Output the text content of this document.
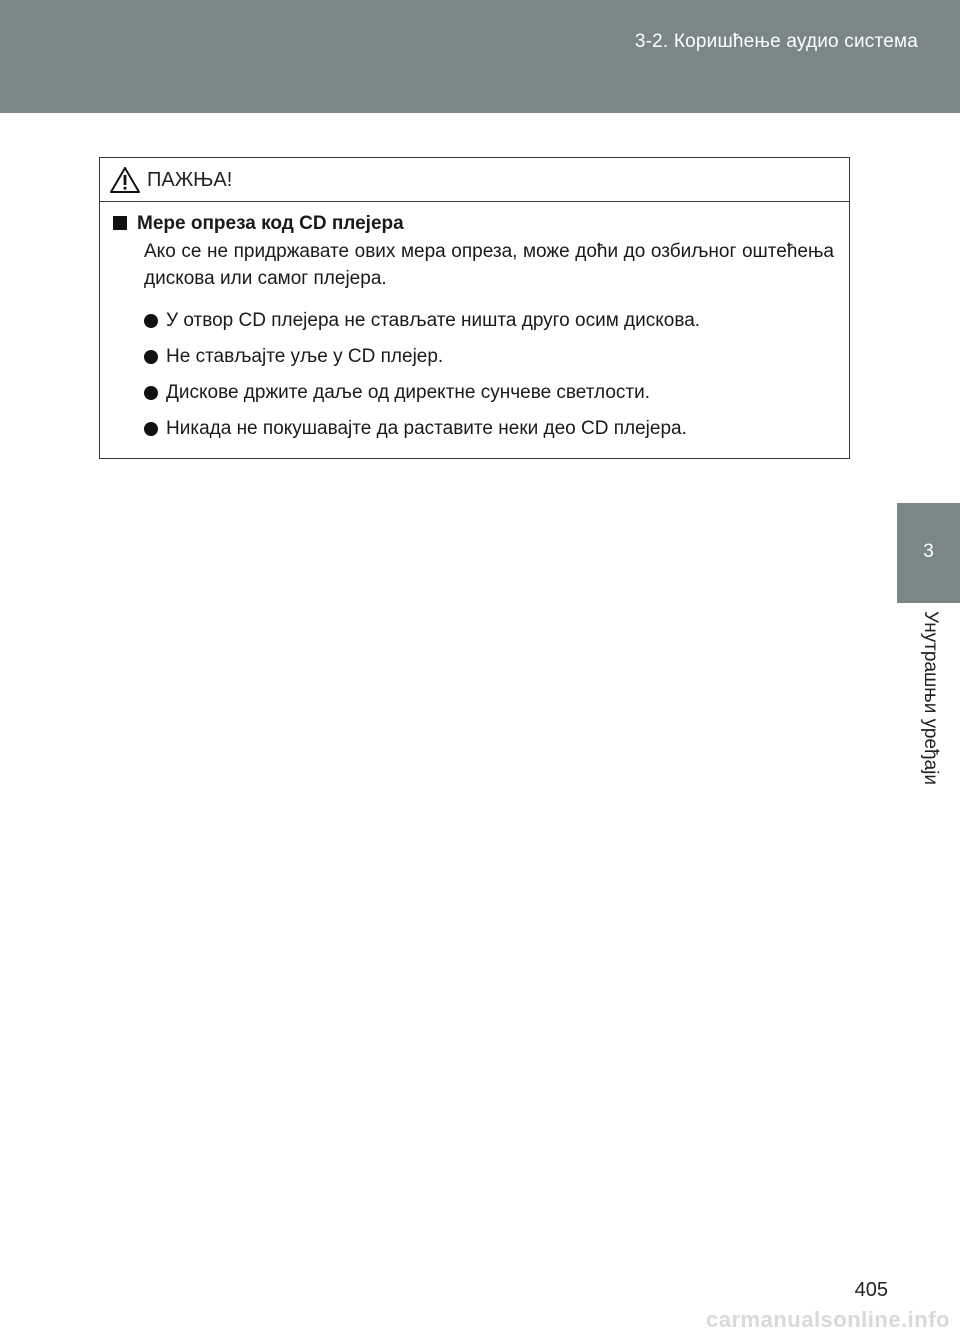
3-2. Коришћење аудио система
3
Унутрашњи уређаји
ПАЖЊА!
Мере опреза код CD плејера
Ако се не придржавате ових мера опреза, може доћи до озбиљног оштећења дискова или самог плејера.
У отвор CD плејера не стављате ништа друго осим дискова.
Не стављајте уље у CD плејер.
Дискове држите даље од директне сунчеве светлости.
Никада не покушавајте да раставите неки део CD плејера.
405
carmanualsonline.info
